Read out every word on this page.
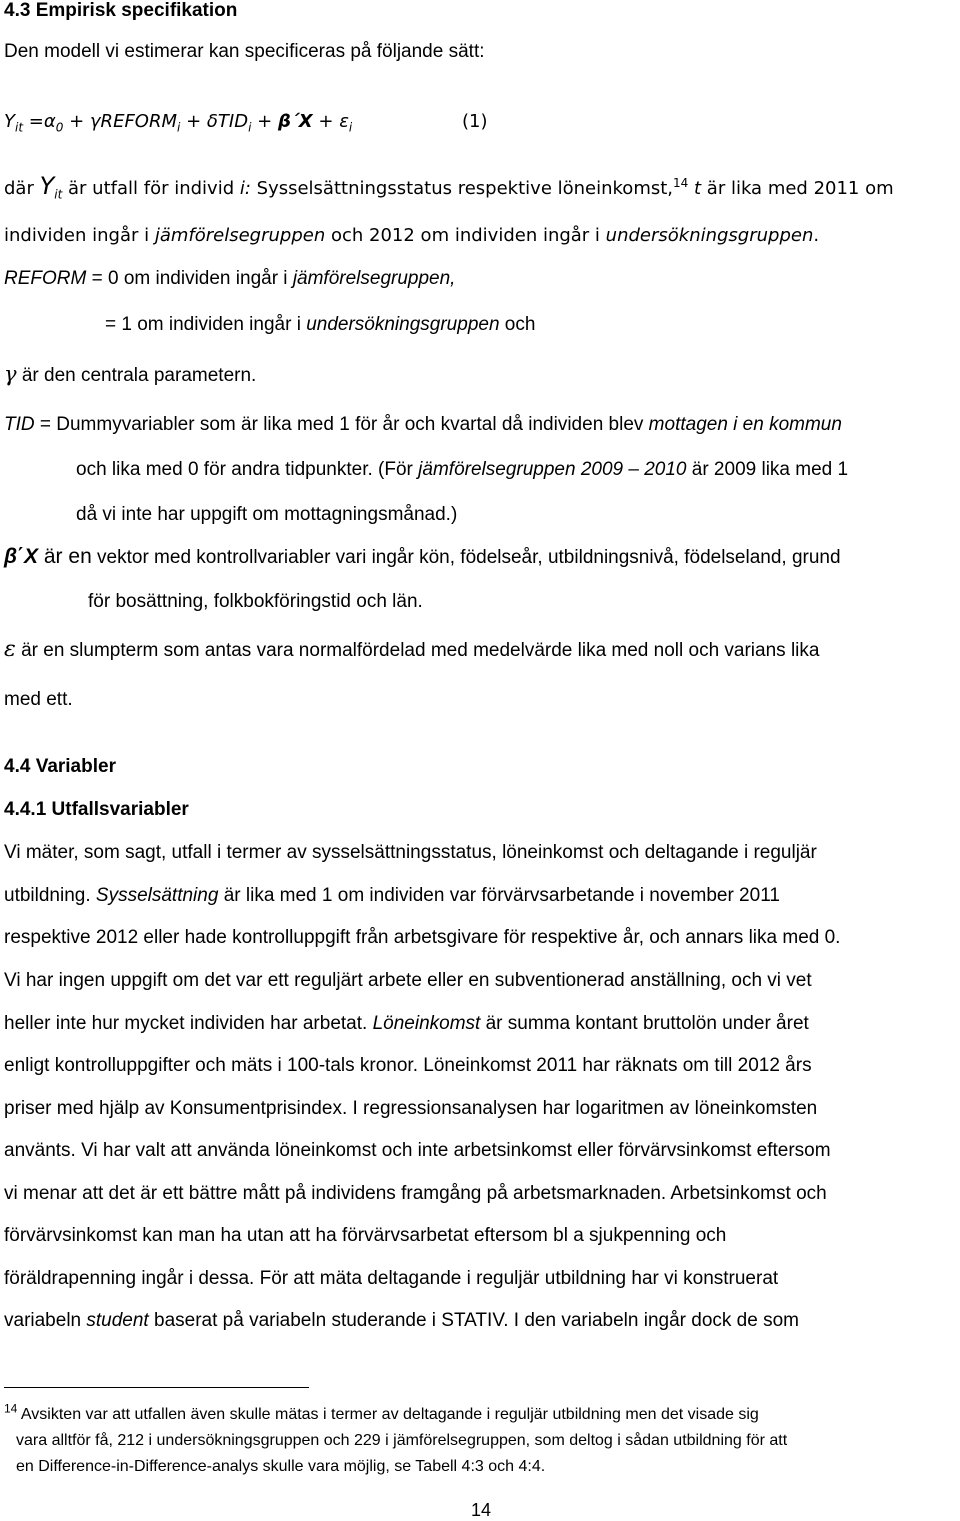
4.3 Empirisk specifikation
Den modell vi estimerar kan specificeras på följande sätt:
$Y_{it} =\alpha_0$ + γREFORM$_i$ + $\delta TID_i + \beta΄X + \varepsilon_i$	(1)
där $Y_{it}$ är utfall för individ i: Sysselsättningsstatus respektive löneinkomst,$^{14}$ t är lika med 2011 om
individen ingår i jämförelsegruppen och 2012 om individen ingår i undersökningsgruppen.
REFORM = 0 om individen ingår i jämförelsegruppen,
= 1 om individen ingår i undersökningsgruppen och
γ är den centrala parametern.
TID = Dummyvariabler som är lika med 1 för år och kvartal då individen blev mottagen i en kommun
och lika med 0 för andra tidpunkter. (För jämförelsegruppen 2009 – 2010 är 2009 lika med 1
då vi inte har uppgift om mottagningsmånad.)
β΄X är en vektor med kontrollvariabler vari ingår kön, födelseår, utbildningsnivå, födelseland, grund
för bosättning, folkbokföringstid och län.
ε är en slumpterm som antas vara normalfördelad med medelvärde lika med noll och varians lika
med ett.
4.4 Variabler
4.4.1 Utfallsvariabler
Vi mäter, som sagt, utfall i termer av sysselsättningsstatus, löneinkomst och deltagande i reguljär
utbildning. Sysselsättning är lika med 1 om individen var förvärvsarbetande i november 2011
respektive 2012 eller hade kontrolluppgift från arbetsgivare för respektive år, och annars lika med 0.
Vi har ingen uppgift om det var ett reguljärt arbete eller en subventionerad anställning, och vi vet
heller inte hur mycket individen har arbetat. Löneinkomst är summa kontant bruttolön under året
enligt kontrolluppgifter och mäts i 100-tals kronor. Löneinkomst 2011 har räknats om till 2012 års
priser med hjälp av Konsumentprisindex. I regressionsanalysen har logaritmen av löneinkomsten
använts. Vi har valt att använda löneinkomst och inte arbetsinkomst eller förvärvsinkomst eftersom
vi menar att det är ett bättre mått på individens framgång på arbetsmarknaden. Arbetsinkomst och
förvärvsinkomst kan man ha utan att ha förvärvsarbetat eftersom bl a sjukpenning och
föräldrapenning ingår i dessa. För att mäta deltagande i reguljär utbildning har vi konstruerat
variabeln student baserat på variabeln studerande i STATIV. I den variabeln ingår dock de som
$^{14}$ Avsikten var att utfallen även skulle mätas i termer av deltagande i reguljär utbildning men det visade sig
vara alltför få, 212 i undersökningsgruppen och 229 i jämförelsegruppen, som deltog i sådan utbildning för att
en Difference-in-Difference-analys skulle vara möjlig, se Tabell 4:3 och 4:4.
14
